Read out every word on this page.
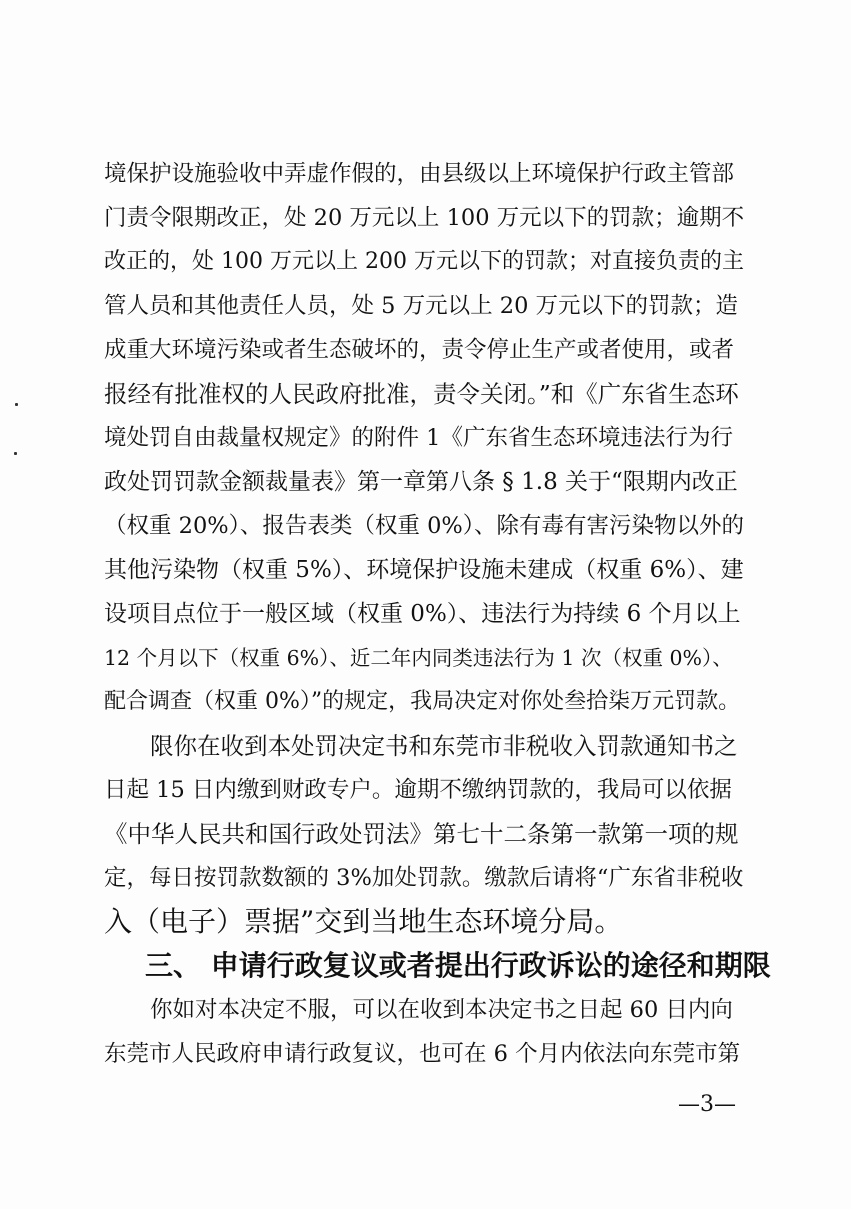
境保护设施验收中弄虚作假的，由县级以上环境保护行政主管部
门责令限期改正，处 20 万元以上 100 万元以下的罚款；逾期不
改正的，处 100 万元以上 200 万元以下的罚款；对直接负责的主
管人员和其他责任人员，处 5 万元以上 20 万元以下的罚款；造
成重大环境污染或者生态破坏的，责令停止生产或者使用，或者
报经有批准权的人民政府批准，责令关闭。”和《广东省生态环
境处罚自由裁量权规定》的附件 1《广东省生态环境违法行为行
政处罚罚款金额裁量表》第一章第八条 § 1.8 关于“限期内改正
（权重 20%）、报告表类（权重 0%）、除有毒有害污染物以外的
其他污染物（权重 5%）、环境保护设施未建成（权重 6%）、建
设项目点位于一般区域（权重 0%）、违法行为持续 6 个月以上
12 个月以下（权重 6%）、近二年内同类违法行为 1 次（权重 0%）、
配合调查（权重 0%）”的规定，我局决定对你处叁拾柒万元罚款。
限你在收到本处罚决定书和东莞市非税收入罚款通知书之
日起 15 日内缴到财政专户。逾期不缴纳罚款的，我局可以依据
《中华人民共和国行政处罚法》第七十二条第一款第一项的规
定，每日按罚款数额的 3%加处罚款。缴款后请将“广东省非税收
入（电子）票据”交到当地生态环境分局。
三、 申请行政复议或者提出行政诉讼的途径和期限
你如对本决定不服，可以在收到本决定书之日起 60 日内向
东莞市人民政府申请行政复议，也可在 6 个月内依法向东莞市第
—3—
